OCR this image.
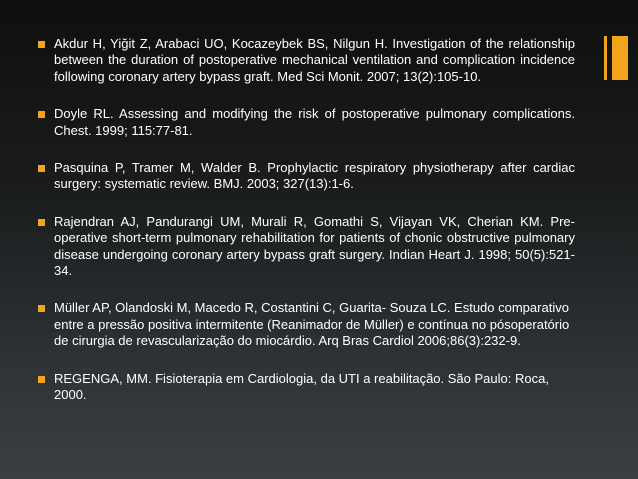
Akdur H, Yiğit Z, Arabaci UO, Kocazeybek BS, Nilgun H. Investigation of the relationship between the duration of postoperative mechanical ventilation and complication incidence following coronary artery bypass graft. Med Sci Monit. 2007; 13(2):105-10.
Doyle RL. Assessing and modifying the risk of postoperative pulmonary complications. Chest. 1999; 115:77-81.
Pasquina P, Tramer M, Walder B. Prophylactic respiratory physiotherapy after cardiac surgery: systematic review. BMJ. 2003; 327(13):1-6.
Rajendran AJ, Pandurangi UM, Murali R, Gomathi S, Vijayan VK, Cherian KM. Pre-operative short-term pulmonary rehabilitation for patients of chonic obstructive pulmonary disease undergoing coronary artery bypass graft surgery. Indian Heart J. 1998; 50(5):521-34.
Müller AP, Olandoski M, Macedo R, Costantini C, Guarita- Souza LC. Estudo comparativo entre a pressão positiva intermitente (Reanimador de Müller) e contínua no pósoperatório de cirurgia de revascularização do miocárdio. Arq Bras Cardiol 2006;86(3):232-9.
REGENGA, MM. Fisioterapia em Cardiologia, da UTI a reabilitação. São Paulo: Roca, 2000.
